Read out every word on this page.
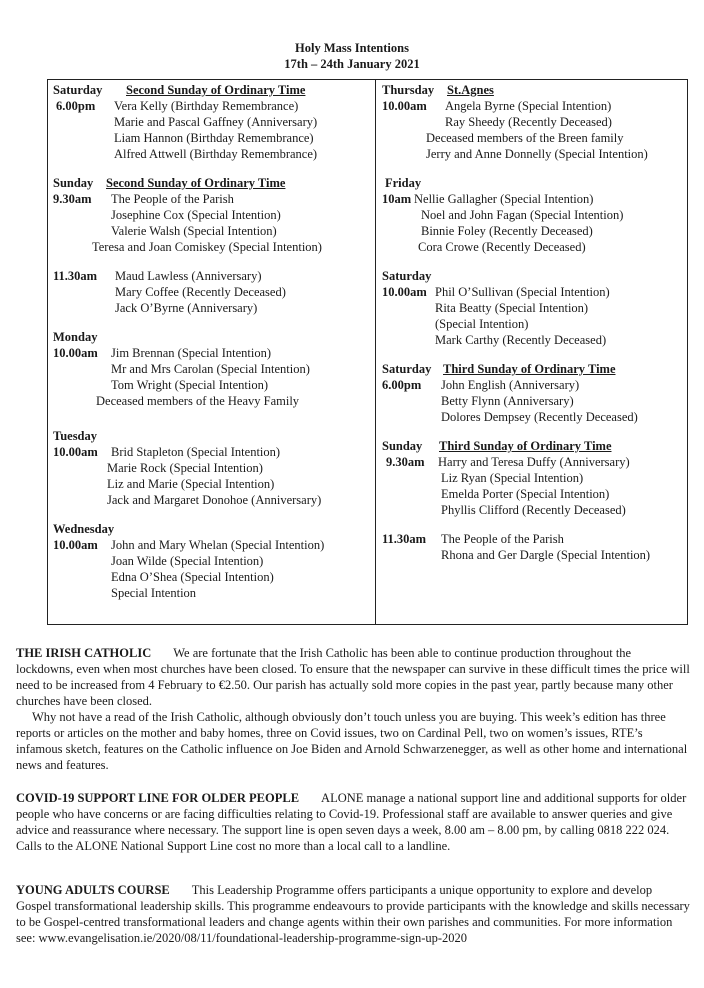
Holy Mass Intentions
17th – 24th January 2021
Saturday Second Sunday of Ordinary Time
6.00pm Vera Kelly (Birthday Remembrance)
Marie and Pascal Gaffney (Anniversary)
Liam Hannon (Birthday Remembrance)
Alfred Attwell (Birthday Remembrance)
Sunday Second Sunday of Ordinary Time
9.30am The People of the Parish
Josephine Cox (Special Intention)
Valerie Walsh (Special Intention)
Teresa and Joan Comiskey (Special Intention)
11.30am Maud Lawless (Anniversary)
Mary Coffee (Recently Deceased)
Jack O’Byrne (Anniversary)
Monday
10.00am Jim Brennan (Special Intention)
Mr and Mrs Carolan (Special Intention)
Tom Wright (Special Intention)
Deceased members of the Heavy Family
Tuesday
10.00am Brid Stapleton (Special Intention)
Marie Rock (Special Intention)
Liz and Marie (Special Intention)
Jack and Margaret Donohoe (Anniversary)
Wednesday
10.00am John and Mary Whelan (Special Intention)
Joan Wilde (Special Intention)
Edna O’Shea (Special Intention)
Special Intention
Thursday St.Agnes
10.00am Angela Byrne (Special Intention)
Ray Sheedy (Recently Deceased)
Deceased members of the Breen family
Jerry and Anne Donnelly (Special Intention)
Friday
10am Nellie Gallagher (Special Intention)
Noel and John Fagan (Special Intention)
Binnie Foley (Recently Deceased)
Cora Crowe (Recently Deceased)
Saturday
10.00am Phil O’Sullivan (Special Intention)
Rita Beatty (Special Intention)
(Special Intention)
Mark Carthy (Recently Deceased)
Saturday Third Sunday of Ordinary Time
6.00pm John English (Anniversary)
Betty Flynn (Anniversary)
Dolores Dempsey (Recently Deceased)
Sunday Third Sunday of Ordinary Time
9.30am Harry and Teresa Duffy (Anniversary)
Liz Ryan (Special Intention)
Emelda Porter (Special Intention)
Phyllis Clifford (Recently Deceased)
11.30am The People of the Parish
Rhona and Ger Dargle (Special Intention)
THE IRISH CATHOLIC We are fortunate that the Irish Catholic has been able to continue production throughout the lockdowns, even when most churches have been closed. To ensure that the newspaper can survive in these difficult times the price will need to be increased from 4 February to €2.50. Our parish has actually sold more copies in the past year, partly because many other churches have been closed.
Why not have a read of the Irish Catholic, although obviously don’t touch unless you are buying. This week’s edition has three reports or articles on the mother and baby homes, three on Covid issues, two on Cardinal Pell, two on women’s issues, RTE’s infamous sketch, features on the Catholic influence on Joe Biden and Arnold Schwarzenegger, as well as other home and international news and features.
COVID-19 SUPPORT LINE FOR OLDER PEOPLE ALONE manage a national support line and additional supports for older people who have concerns or are facing difficulties relating to Covid-19. Professional staff are available to answer queries and give advice and reassurance where necessary. The support line is open seven days a week, 8.00 am – 8.00 pm, by calling 0818 222 024. Calls to the ALONE National Support Line cost no more than a local call to a landline.
YOUNG ADULTS COURSE This Leadership Programme offers participants a unique opportunity to explore and develop Gospel transformational leadership skills. This programme endeavours to provide participants with the knowledge and skills necessary to be Gospel-centred transformational leaders and change agents within their own parishes and communities. For more information see: www.evangelisation.ie/2020/08/11/foundational-leadership-programme-sign-up-2020
